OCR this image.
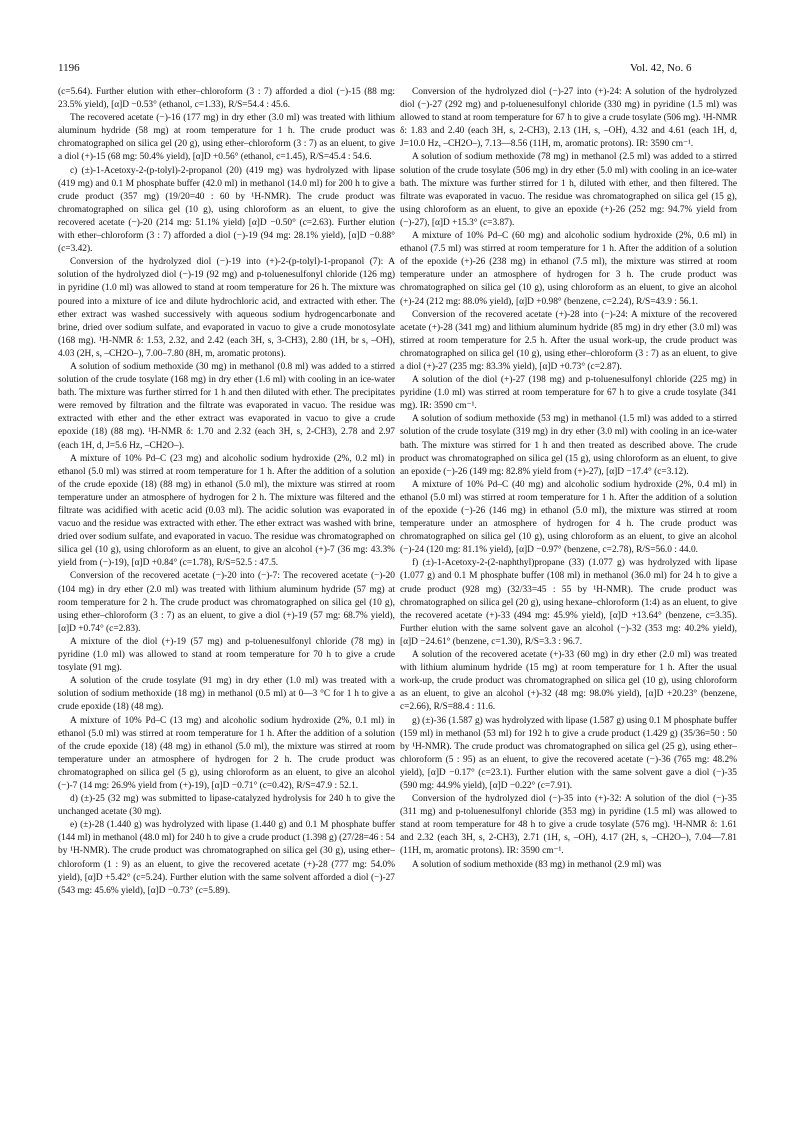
1196	Vol. 42, No. 6

(c=5.64). Further elution with ether–chloroform (3 : 7) afforded a diol (−)-15 (88 mg: 23.5% yield), [α]D −0.53° (ethanol, c=1.33), R/S=54.4 : 45.6.

The recovered acetate (−)-16 (177 mg) in dry ether (3.0 ml) was treated with lithium aluminum hydride (58 mg) at room temperature for 1 h. The crude product was chromatographed on silica gel (20 g), using ether–chloroform (3 : 7) as an eluent, to give a diol (+)-15 (68 mg: 50.4% yield), [α]D +0.56° (ethanol, c=1.45), R/S=45.4 : 54.6.

c) (±)-1-Acetoxy-2-(p-tolyl)-2-propanol (20) (419 mg) was hydrolyzed with lipase (419 mg) and 0.1 M phosphate buffer (42.0 ml) in methanol (14.0 ml) for 200 h to give a crude product (357 mg) (19/20=40 : 60 by ¹H-NMR). The crude product was chromatographed on silica gel (10 g), using chloroform as an eluent, to give the recovered acetate (−)-20 (214 mg: 51.1% yield) [α]D −0.50° (c=2.63). Further elution with ether–chloroform (3 : 7) afforded a diol (−)-19 (94 mg: 28.1% yield), [α]D −0.88° (c=3.42).

Conversion of the hydrolyzed diol (−)-19 into (+)-2-(p-tolyl)-1-propanol (7): A solution of the hydrolyzed diol (−)-19 (92 mg) and p-toluenesulfonyl chloride (126 mg) in pyridine (1.0 ml) was allowed to stand at room temperature for 26 h. The mixture was poured into a mixture of ice and dilute hydrochloric acid, and extracted with ether. The ether extract was washed successively with aqueous sodium hydrogencarbonate and brine, dried over sodium sulfate, and evaporated in vacuo to give a crude monotosylate (168 mg). ¹H-NMR δ: 1.53, 2.32, and 2.42 (each 3H, s, 3-CH3), 2.80 (1H, br s, –OH), 4.03 (2H, s, –CH2O–), 7.00–7.80 (8H, m, aromatic protons).

A solution of sodium methoxide (30 mg) in methanol (0.8 ml) was added to a stirred solution of the crude tosylate (168 mg) in dry ether (1.6 ml) with cooling in an ice-water bath. The mixture was further stirred for 1 h and then diluted with ether. The precipitates were removed by filtration and the filtrate was evaporated in vacuo. The residue was extracted with ether and the ether extract was evaporated in vacuo to give a crude epoxide (18) (88 mg). ¹H-NMR δ: 1.70 and 2.32 (each 3H, s, 2-CH3), 2.78 and 2.97 (each 1H, d, J=5.6 Hz, –CH2O–).

A mixture of 10% Pd–C (23 mg) and alcoholic sodium hydroxide (2%, 0.2 ml) in ethanol (5.0 ml) was stirred at room temperature for 1 h. After the addition of a solution of the crude epoxide (18) (88 mg) in ethanol (5.0 ml), the mixture was stirred at room temperature under an atmosphere of hydrogen for 2 h. The mixture was filtered and the filtrate was acidified with acetic acid (0.03 ml). The acidic solution was evaporated in vacuo and the residue was extracted with ether. The ether extract was washed with brine, dried over sodium sulfate, and evaporated in vacuo. The residue was chromatographed on silica gel (10 g), using chloroform as an eluent, to give an alcohol (+)-7 (36 mg: 43.3% yield from (−)-19), [α]D +0.84° (c=1.78), R/S=52.5 : 47.5.

Conversion of the recovered acetate (−)-20 into (−)-7: The recovered acetate (−)-20 (104 mg) in dry ether (2.0 ml) was treated with lithium aluminum hydride (57 mg) at room temperature for 2 h. The crude product was chromatographed on silica gel (10 g), using ether–chloroform (3 : 7) as an eluent, to give a diol (+)-19 (57 mg: 68.7% yield), [α]D +0.74° (c=2.83).

A mixture of the diol (+)-19 (57 mg) and p-toluenesulfonyl chloride (78 mg) in pyridine (1.0 ml) was allowed to stand at room temperature for 70 h to give a crude tosylate (91 mg).

A solution of the crude tosylate (91 mg) in dry ether (1.0 ml) was treated with a solution of sodium methoxide (18 mg) in methanol (0.5 ml) at 0—3 °C for 1 h to give a crude epoxide (18) (48 mg).

A mixture of 10% Pd–C (13 mg) and alcoholic sodium hydroxide (2%, 0.1 ml) in ethanol (5.0 ml) was stirred at room temperature for 1 h. After the addition of a solution of the crude epoxide (18) (48 mg) in ethanol (5.0 ml), the mixture was stirred at room temperature under an atmosphere of hydrogen for 2 h. The crude product was chromatographed on silica gel (5 g), using chloroform as an eluent, to give an alcohol (−)-7 (14 mg: 26.9% yield from (+)-19), [α]D −0.71° (c=0.42), R/S=47.9 : 52.1.

d) (±)-25 (32 mg) was submitted to lipase-catalyzed hydrolysis for 240 h to give the unchanged acetate (30 mg).

e) (±)-28 (1.440 g) was hydrolyzed with lipase (1.440 g) and 0.1 M phosphate buffer (144 ml) in methanol (48.0 ml) for 240 h to give a crude product (1.398 g) (27/28=46 : 54 by ¹H-NMR). The crude product was chromatographed on silica gel (30 g), using ether–chloroform (1 : 9) as an eluent, to give the recovered acetate (+)-28 (777 mg: 54.0% yield), [α]D +5.42° (c=5.24). Further elution with the same solvent afforded a diol (−)-27 (543 mg: 45.6% yield), [α]D −0.73° (c=5.89).

Conversion of the hydrolyzed diol (−)-27 into (+)-24: A solution of the hydrolyzed diol (−)-27 (292 mg) and p-toluenesulfonyl chloride (330 mg) in pyridine (1.5 ml) was allowed to stand at room temperature for 67 h to give a crude tosylate (506 mg). ¹H-NMR δ: 1.83 and 2.40 (each 3H, s, 2-CH3), 2.13 (1H, s, –OH), 4.32 and 4.61 (each 1H, d, J=10.0 Hz, –CH2O–), 7.13—8.56 (11H, m, aromatic protons). IR: 3590 cm⁻¹.

A solution of sodium methoxide (78 mg) in methanol (2.5 ml) was added to a stirred solution of the crude tosylate (506 mg) in dry ether (5.0 ml) with cooling in an ice-water bath. The mixture was further stirred for 1 h, diluted with ether, and then filtered. The filtrate was evaporated in vacuo. The residue was chromatographed on silica gel (15 g), using chloroform as an eluent, to give an epoxide (+)-26 (252 mg: 94.7% yield from (−)-27), [α]D +15.3° (c=3.87).

A mixture of 10% Pd–C (60 mg) and alcoholic sodium hydroxide (2%, 0.6 ml) in ethanol (7.5 ml) was stirred at room temperature for 1 h. After the addition of a solution of the epoxide (+)-26 (238 mg) in ethanol (7.5 ml), the mixture was stirred at room temperature under an atmosphere of hydrogen for 3 h. The crude product was chromatographed on silica gel (10 g), using chloroform as an eluent, to give an alcohol (+)-24 (212 mg: 88.0% yield), [α]D +0.98° (benzene, c=2.24), R/S=43.9 : 56.1.

Conversion of the recovered acetate (+)-28 into (−)-24: A mixture of the recovered acetate (+)-28 (341 mg) and lithium aluminum hydride (85 mg) in dry ether (3.0 ml) was stirred at room temperature for 2.5 h. After the usual work-up, the crude product was chromatographed on silica gel (10 g), using ether–chloroform (3 : 7) as an eluent, to give a diol (+)-27 (235 mg: 83.3% yield), [α]D +0.73° (c=2.87).

A solution of the diol (+)-27 (198 mg) and p-toluenesulfonyl chloride (225 mg) in pyridine (1.0 ml) was stirred at room temperature for 67 h to give a crude tosylate (341 mg). IR: 3590 cm⁻¹.

A solution of sodium methoxide (53 mg) in methanol (1.5 ml) was added to a stirred solution of the crude tosylate (319 mg) in dry ether (3.0 ml) with cooling in an ice-water bath. The mixture was stirred for 1 h and then treated as described above. The crude product was chromatographed on silica gel (15 g), using chloroform as an eluent, to give an epoxide (−)-26 (149 mg: 82.8% yield from (+)-27), [α]D −17.4° (c=3.12).

A mixture of 10% Pd–C (40 mg) and alcoholic sodium hydroxide (2%, 0.4 ml) in ethanol (5.0 ml) was stirred at room temperature for 1 h. After the addition of a solution of the epoxide (−)-26 (146 mg) in ethanol (5.0 ml), the mixture was stirred at room temperature under an atmosphere of hydrogen for 4 h. The crude product was chromatographed on silica gel (10 g), using chloroform as an eluent, to give an alcohol (−)-24 (120 mg: 81.1% yield), [α]D −0.97° (benzene, c=2.78), R/S=56.0 : 44.0.

f) (±)-1-Acetoxy-2-(2-naphthyl)propane (33) (1.077 g) was hydrolyzed with lipase (1.077 g) and 0.1 M phosphate buffer (108 ml) in methanol (36.0 ml) for 24 h to give a crude product (928 mg) (32/33=45 : 55 by ¹H-NMR). The crude product was chromatographed on silica gel (20 g), using hexane–chloroform (1:4) as an eluent, to give the recovered acetate (+)-33 (494 mg: 45.9% yield), [α]D +13.64° (benzene, c=3.35). Further elution with the same solvent gave an alcohol (−)-32 (353 mg: 40.2% yield), [α]D −24.61° (benzene, c=1.30), R/S=3.3 : 96.7.

A solution of the recovered acetate (+)-33 (60 mg) in dry ether (2.0 ml) was treated with lithium aluminum hydride (15 mg) at room temperature for 1 h. After the usual work-up, the crude product was chromatographed on silica gel (10 g), using chloroform as an eluent, to give an alcohol (+)-32 (48 mg: 98.0% yield), [α]D +20.23° (benzene, c=2.66), R/S=88.4 : 11.6.

g) (±)-36 (1.587 g) was hydrolyzed with lipase (1.587 g) using 0.1 M phosphate buffer (159 ml) in methanol (53 ml) for 192 h to give a crude product (1.429 g) (35/36=50 : 50 by ¹H-NMR). The crude product was chromatographed on silica gel (25 g), using ether–chloroform (5 : 95) as an eluent, to give the recovered acetate (−)-36 (765 mg: 48.2% yield), [α]D −0.17° (c=23.1). Further elution with the same solvent gave a diol (−)-35 (590 mg: 44.9% yield), [α]D −0.22° (c=7.91).

Conversion of the hydrolyzed diol (−)-35 into (+)-32: A solution of the diol (−)-35 (311 mg) and p-toluenesulfonyl chloride (353 mg) in pyridine (1.5 ml) was allowed to stand at room temperature for 48 h to give a crude tosylate (576 mg). ¹H-NMR δ: 1.61 and 2.32 (each 3H, s, 2-CH3), 2.71 (1H, s, –OH), 4.17 (2H, s, –CH2O–), 7.04—7.81 (11H, m, aromatic protons). IR: 3590 cm⁻¹.

A solution of sodium methoxide (83 mg) in methanol (2.9 ml) was
